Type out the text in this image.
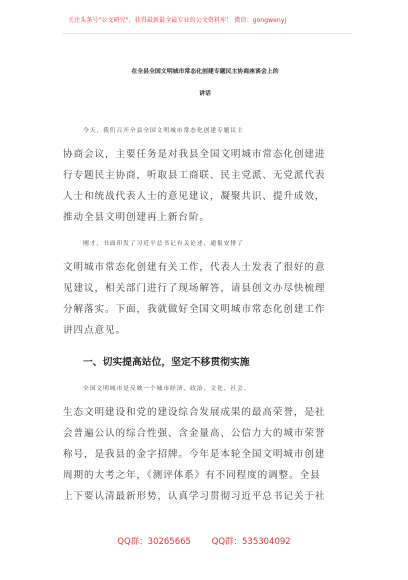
关注头条号"公文研究"，获得最新最全最专业的公文资料库！ 微信：gongwenyj
在全县全国文明城市常态化创建专题民主协商座谈会上的
讲话
今天，我们召开全县全国文明城市常态化创建专题民主
协商会议，主要任务是对我县全国文明城市常态化创建进
行专题民主协商，听取县工商联、民主党派、无党派代表
人士和统战代表人士的意见建议，凝聚共识、提升成效，
推动全县文明创建再上新台阶。
刚才，书面印发了习近平总书记有关论述，通报安排了
文明城市常态化创建有关工作，代表人士发表了很好的意
见建议，相关部门进行了现场解答，请县创文办尽快梳理
分解落实。下面，我就做好全国文明城市常态化创建工作
讲四点意见。
一、切实提高站位，坚定不移贯彻实施
全国文明城市是反映一个城市经济、政治、文化、社会、
生态文明建设和党的建设综合发展成果的最高荣誉，是社
会普遍公认的综合性强、含金量高、公信力大的城市荣誉
称号，是我县的金字招牌。今年是本轮全国文明城市创建
周期的大考之年，《测评体系》有不同程度的调整。全县
上下要认清最新形势，认真学习贯彻习近平总书记关于社
QQ群：30265665 QQ群：535304092
